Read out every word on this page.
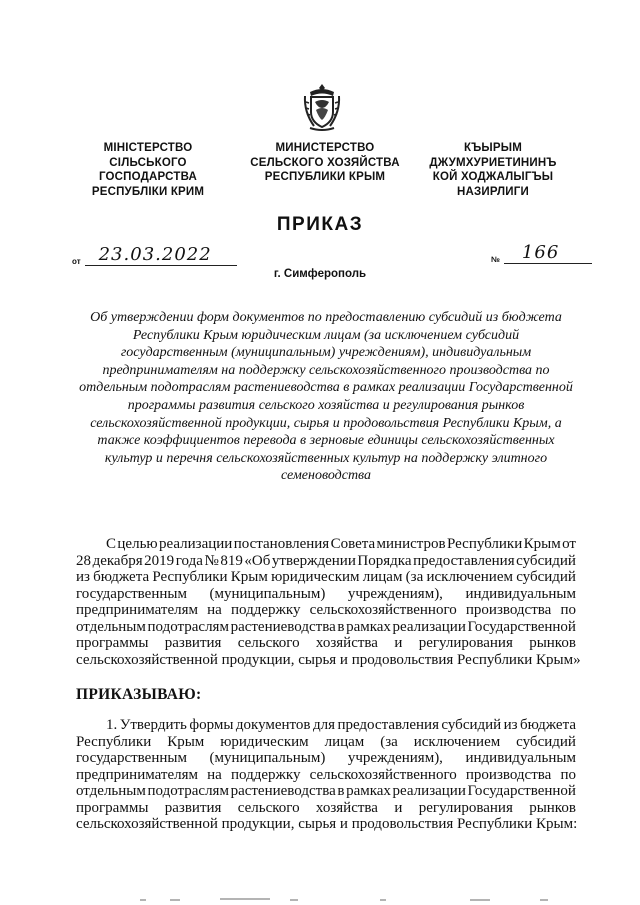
МІНІСТЕРСТВО
СІЛЬСЬКОГО
ГОСПОДАРСТВА
РЕСПУБЛІКИ КРИМ
МИНИСТЕРСТВО
СЕЛЬСКОГО ХОЗЯЙСТВА
РЕСПУБЛИКИ КРЫМ
КЪЫРЫМ
ДЖУМХУРИЕТИНИНЪ
КОЙ ХОДЖАЛЫГЪЫ
НАЗИРЛИГИ
ПРИКАЗ
от 23.03.2022	№ 166
г. Симферополь
Об утверждении форм документов по предоставлению субсидий из бюджета
Республики Крым юридическим лицам (за исключением субсидий
государственным (муниципальным) учреждениям), индивидуальным
предпринимателям на поддержку сельскохозяйственного производства по
отдельным подотраслям растениеводства в рамках реализации Государственной
программы развития сельского хозяйства и регулирования рынков
сельскохозяйственной продукции, сырья и продовольствия Республики Крым, а
также коэффициентов перевода в зерновые единицы сельскохозяйственных
культур и перечня сельскохозяйственных культур на поддержку элитного
семеноводства
С целью реализации постановления Совета министров Республики Крым от
28 декабря 2019 года № 819 «Об утверждении Порядка предоставления субсидий
из бюджета Республики Крым юридическим лицам (за исключением субсидий
государственным (муниципальным) учреждениям), индивидуальным
предпринимателям на поддержку сельскохозяйственного производства по
отдельным подотраслям растениеводства в рамках реализации Государственной
программы развития сельского хозяйства и регулирования рынков
сельскохозяйственной продукции, сырья и продовольствия Республики Крым»
ПРИКАЗЫВАЮ:
1. Утвердить формы документов для предоставления субсидий из бюджета
Республики Крым юридическим лицам (за исключением субсидий
государственным (муниципальным) учреждениям), индивидуальным
предпринимателям на поддержку сельскохозяйственного производства по
отдельным подотраслям растениеводства в рамках реализации Государственной
программы развития сельского хозяйства и регулирования рынков
сельскохозяйственной продукции, сырья и продовольствия Республики Крым:
